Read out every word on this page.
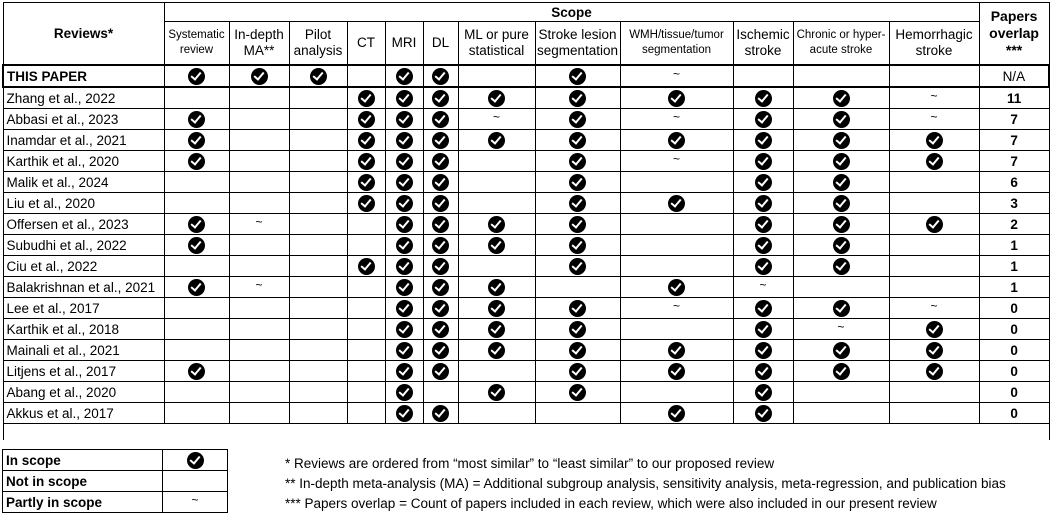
Reviews*	Scope												Papers overlap ***
	Systematic review	In-depth MA**	Pilot analysis	CT	MRI	DL	ML or pure statistical	Stroke lesion segmentation	WMH/tissue/tumor segmentation	Ischemic stroke	Chronic or hyper-acute stroke	Hemorrhagic stroke	
THIS PAPER									~				N/A
Zhang et al., 2022												~	11
Abbasi et al., 2023							~		~			~	7
Inamdar et al., 2021													7
Karthik et al., 2020									~				7
Malik et al., 2024													6
Liu et al., 2020													3
Offersen et al., 2023		~											2
Subudhi et al., 2022													1
Ciu et al., 2022													1
Balakrishnan et al., 2021		~								~			1
Lee et al., 2017									~			~	0
Karthik et al., 2018											~		0
Mainali et al., 2021													0
Litjens et al., 2017													0
Abang et al., 2020													0
Akkus et al., 2017													0

In scope	
Not in scope	
Partly in scope	~
* Reviews are ordered from “most similar” to “least similar” to our proposed review
** In-depth meta-analysis (MA) = Additional subgroup analysis, sensitivity analysis, meta-regression, and publication bias
*** Papers overlap = Count of papers included in each review, which were also included in our present review
